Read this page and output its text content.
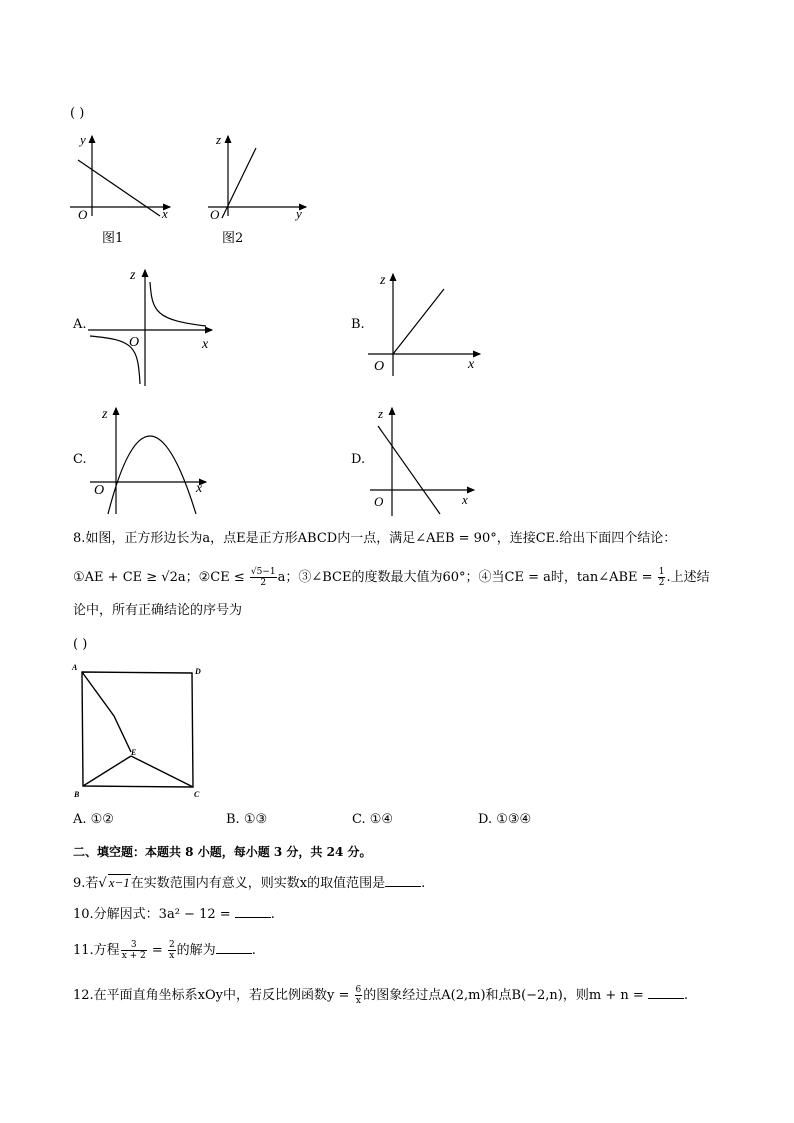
( )
y
x
O
图1
z
y
O
图2
A.
z
x
O
B.
z
x
O
C.
z
x
O
D.
z
x
O
8.如图，正方形边长为a，点E是正方形ABCD内一点，满足∠AEB = 90°，连接CE.给出下面四个结论：
①AE + CE ≥ √2a；②CE ≤ $\frac{√5-1}{2}$ a；③∠BCE的度数最大值为60°；④当CE = a时，tan∠ABE = $\frac{1}{2}$ .上述结
论中，所有正确结论的序号为
( )
A	D
B	C
E
A. ①②	B. ①③	C. ①④	D. ①③④
二、填空题：本题共 8 小题，每小题 3 分，共 24 分。
9.若√ x−1在实数范围内有意义，则实数x的取值范围是	.
10.分解因式：3a² − 12 =	.
11.方程 $\frac{3}{x + 2} = \frac{2}{x}$ 的解为	.
12.在平面直角坐标系xOy中，若反比例函数$y = \frac{6}{x}$ 的图象经过点A(2,m)和点B(−2,n)，则m + n =	.
